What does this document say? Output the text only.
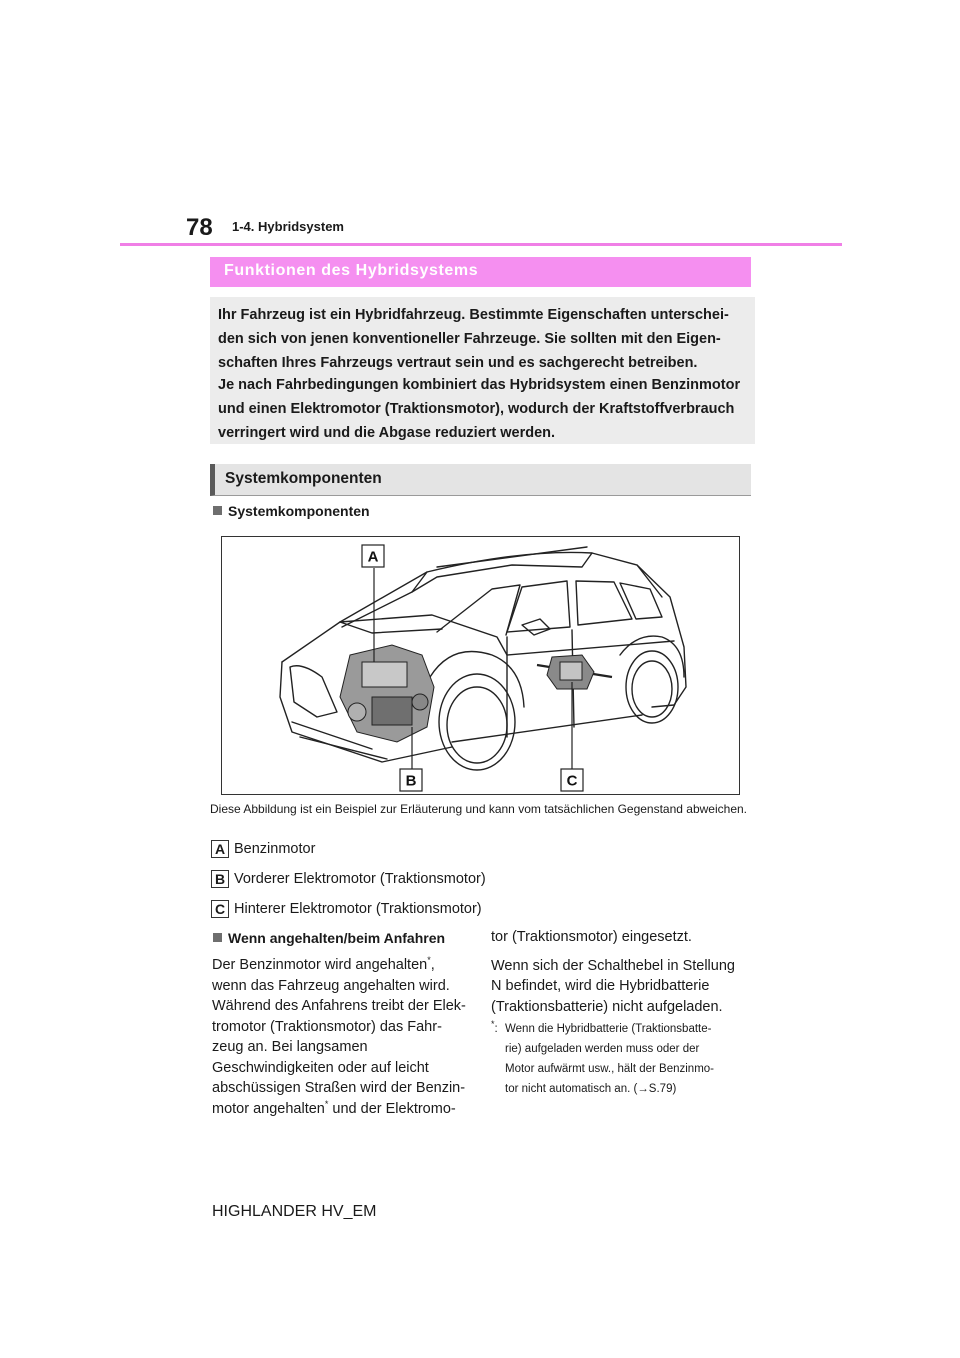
78 1-4. Hybridsystem
Funktionen des Hybridsystems

Ihr Fahrzeug ist ein Hybridfahrzeug. Bestimmte Eigenschaften unterschei-
den sich von jenen konventioneller Fahrzeuge. Sie sollten mit den Eigen-
schaften Ihres Fahrzeugs vertraut sein und es sachgerecht betreiben.

Je nach Fahrbedingungen kombiniert das Hybridsystem einen Benzinmotor
und einen Elektromotor (Traktionsmotor), wodurch der Kraftstoffverbrauch
verringert wird und die Abgase reduziert werden.

Systemkomponenten
Systemkomponenten
A
B	C
Diese Abbildung ist ein Beispiel zur Erläuterung und kann vom tatsächlichen Gegenstand abweichen.
A Benzinmotor
B Vorderer Elektromotor (Traktionsmotor)
C Hinterer Elektromotor (Traktionsmotor)
Wenn angehalten/beim Anfahren

Der Benzinmotor wird angehalten*,
wenn das Fahrzeug angehalten wird.
Während des Anfahrens treibt der Elek-
tromotor (Traktionsmotor) das Fahr-
zeug an. Bei langsamen
Geschwindigkeiten oder auf leicht
abschüssigen Straßen wird der Benzin-
motor angehalten* und der Elektromo-

tor (Traktionsmotor) eingesetzt.

Wenn sich der Schalthebel in Stellung
N befindet, wird die Hybridbatterie
(Traktionsbatterie) nicht aufgeladen.

*: Wenn die Hybridbatterie (Traktionsbatte-
rie) aufgeladen werden muss oder der
Motor aufwärmt usw., hält der Benzinmo-
tor nicht automatisch an. (→S.79)
HIGHLANDER HV_EM
